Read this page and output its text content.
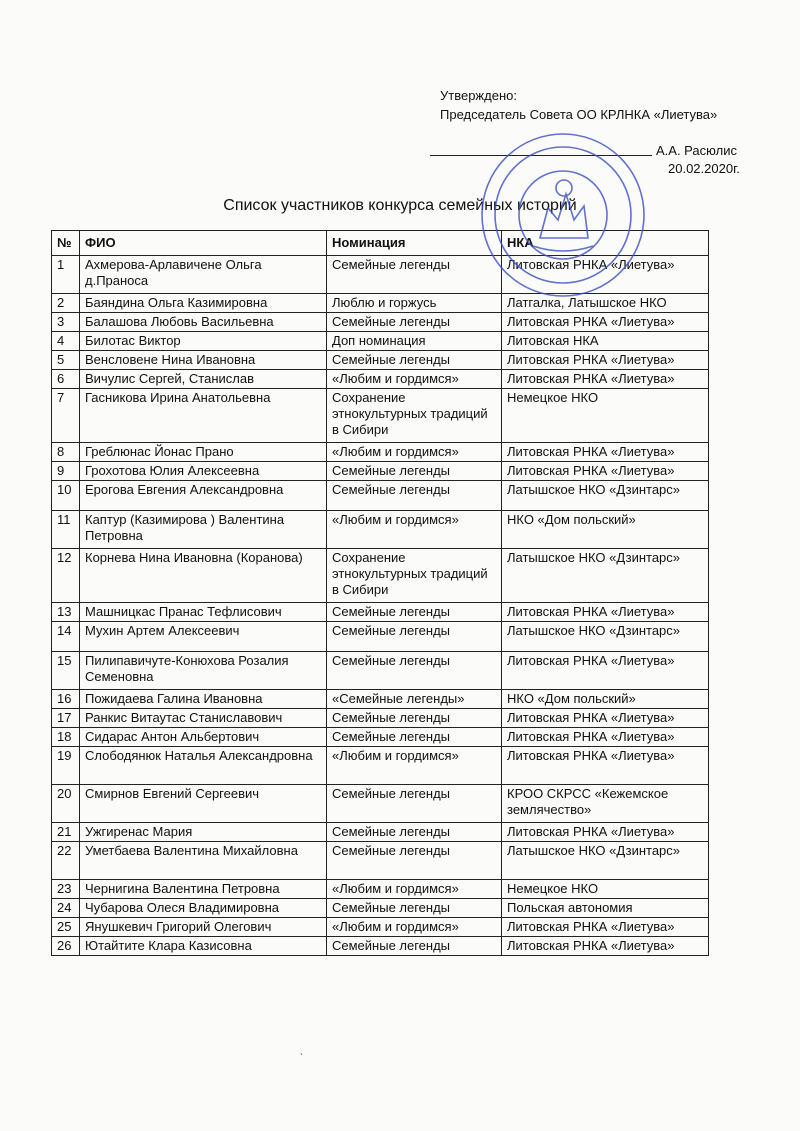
Утверждено:
Председатель Совета ОО КРЛНКА «Лиетува»
А.А. Расюлис
20.02.2020г.
Список участников конкурса семейных историй
№	ФИО	Номинация	НКА
1	Ахмерова-Арлавичене Ольга д.Праноса	Семейные легенды	Литовская РНКА «Лиетува»
2	Баяндина Ольга Казимировна	Люблю и горжусь	Латгалка, Латышское НКО
3	Балашова Любовь Васильевна	Семейные легенды	Литовская РНКА «Лиетува»
4	Билотас Виктор	Доп номинация	Литовская НКА
5	Венсловене Нина Ивановна	Семейные легенды	Литовская РНКА «Лиетува»
6	Вичулис Сергей, Станислав	«Любим и гордимся»	Литовская РНКА «Лиетува»
7	Гасникова Ирина Анатольевна	Сохранение этнокультурных традиций в Сибири	Немецкое НКО
8	Греблюнас Йонас Прано	«Любим и гордимся»	Литовская РНКА «Лиетува»
9	Грохотова Юлия Алексеевна	Семейные легенды	Литовская РНКА «Лиетува»
10	Ерогова Евгения Александровна	Семейные легенды	Латышское НКО «Дзинтарс»
11	Каптур (Казимирова ) Валентина Петровна	«Любим и гордимся»	НКО «Дом польский»
12	Корнева Нина Ивановна (Коранова)	Сохранение этнокультурных традиций в Сибири	Латышское НКО «Дзинтарс»
13	Машницкас Пранас Тефлисович	Семейные легенды	Литовская РНКА «Лиетува»
14	Мухин Артем Алексеевич	Семейные легенды	Латышское НКО «Дзинтарс»
15	Пилипавичуте-Конюхова Розалия Семеновна	Семейные легенды	Литовская РНКА «Лиетува»
16	Пожидаева Галина Ивановна	«Семейные легенды»	НКО «Дом польский»
17	Ранкис Витаутас Станиславович	Семейные легенды	Литовская РНКА «Лиетува»
18	Сидарас Антон Альбертович	Семейные легенды	Литовская РНКА «Лиетува»
19	Слободянюк Наталья Александровна	«Любим и гордимся»	Литовская РНКА «Лиетува»
20	Смирнов Евгений Сергеевич	Семейные легенды	КРОО СКРСС «Кежемское землячество»
21	Ужгиренас Мария	Семейные легенды	Литовская РНКА «Лиетува»
22	Уметбаева Валентина Михайловна	Семейные легенды	Латышское НКО «Дзинтарс»
23	Чернигина Валентина Петровна	«Любим и гордимся»	Немецкое НКО
24	Чубарова Олеся Владимировна	Семейные легенды	Польская автономия
25	Янушкевич Григорий Олегович	«Любим и гордимся»	Литовская РНКА «Лиетува»
26	Ютайтите Клара Казисовна	Семейные легенды	Литовская РНКА «Лиетува»
ˎ
